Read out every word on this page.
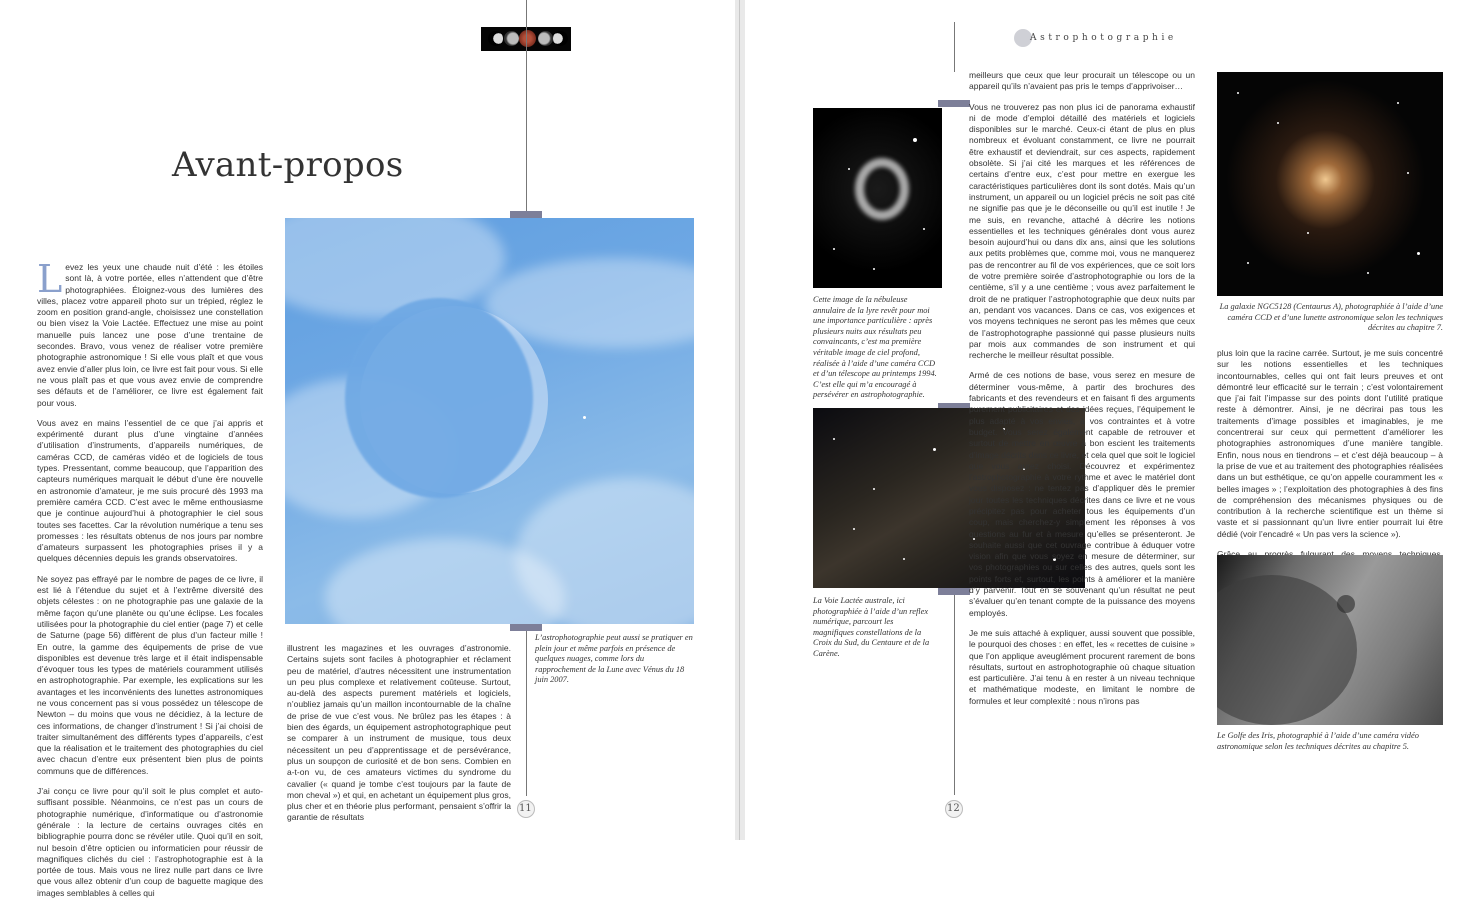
Avant-propos

Levez les yeux une chaude nuit d’été : les étoiles sont là, à votre portée, elles n’attendent que d’être photographiées. Éloignez-vous des lumières des villes, placez votre appareil photo sur un trépied, réglez le zoom en position grand-angle, choisissez une constellation ou bien visez la Voie Lactée. Effectuez une mise au point manuelle puis lancez une pose d’une trentaine de secondes. Bravo, vous venez de réaliser votre première photographie astronomique ! Si elle vous plaît et que vous avez envie d’aller plus loin, ce livre est fait pour vous. Si elle ne vous plaît pas et que vous avez envie de comprendre ses défauts et de l’améliorer, ce livre est également fait pour vous.

Vous avez en mains l’essentiel de ce que j’ai appris et expérimenté durant plus d’une vingtaine d’années d’utilisation d’instruments, d’appareils numériques, de caméras CCD, de caméras vidéo et de logiciels de tous types. Pressentant, comme beaucoup, que l’apparition des capteurs numériques marquait le début d’une ère nouvelle en astronomie d’amateur, je me suis procuré dès 1993 ma première caméra CCD. C’est avec le même enthousiasme que je continue aujourd’hui à photographier le ciel sous toutes ses facettes. Car la révolution numérique a tenu ses promesses : les résultats obtenus de nos jours par nombre d’amateurs surpassent les photographies prises il y a quelques décennies depuis les grands observatoires.

Ne soyez pas effrayé par le nombre de pages de ce livre, il est lié à l’étendue du sujet et à l’extrême diversité des objets célestes : on ne photographie pas une galaxie de la même façon qu’une planète ou qu’une éclipse. Les focales utilisées pour la photographie du ciel entier (page 7) et celle de Saturne (page 56) diffèrent de plus d’un facteur mille ! En outre, la gamme des équipements de prise de vue disponibles est devenue très large et il était indispensable d’évoquer tous les types de matériels couramment utilisés en astrophotographie. Par exemple, les explications sur les avantages et les inconvénients des lunettes astronomiques ne vous concernent pas si vous possédez un télescope de Newton – du moins que vous ne décidiez, à la lecture de ces informations, de changer d’instrument ! Si j’ai choisi de traiter simultanément des différents types d’appareils, c’est que la réalisation et le traitement des photographies du ciel avec chacun d’entre eux présentent bien plus de points communs que de différences.

J’ai conçu ce livre pour qu’il soit le plus complet et auto-suffisant possible. Néanmoins, ce n’est pas un cours de photographie numérique, d’informatique ou d’astronomie générale : la lecture de certains ouvrages cités en bibliographie pourra donc se révéler utile. Quoi qu’il en soit, nul besoin d’être opticien ou informaticien pour réussir de magnifiques clichés du ciel : l’astrophotographie est à la portée de tous. Mais vous ne lirez nulle part dans ce livre que vous allez obtenir d’un coup de baguette magique des images semblables à celles qui

L’astrophotographie peut aussi se pratiquer en plein jour et même parfois en présence de quelques nuages, comme lors du rapprochement de la Lune avec Vénus du 18 juin 2007.

illustrent les magazines et les ouvrages d’astronomie. Certains sujets sont faciles à photographier et réclament peu de matériel, d’autres nécessitent une instrumentation un peu plus complexe et relativement coûteuse. Surtout, au-delà des aspects purement matériels et logiciels, n’oubliez jamais qu’un maillon incontournable de la chaîne de prise de vue c’est vous. Ne brûlez pas les étapes : à bien des égards, un équipement astrophotographique peut se comparer à un instrument de musique, tous deux nécessitent un peu d’apprentissage et de persévérance, plus un soupçon de curiosité et de bon sens. Combien en a-t-on vu, de ces amateurs victimes du syndrome du cavalier (« quand je tombe c’est toujours par la faute de mon cheval ») et qui, en achetant un équipement plus gros, plus cher et en théorie plus performant, pensaient s’offrir la garantie de résultats

11
Astrophotographie
Cette image de la nébuleuse annulaire de la lyre revêt pour moi une importance particulière : après plusieurs nuits aux résultats peu convaincants, c’est ma première véritable image de ciel profond, réalisée à l’aide d’une caméra CCD et d’un télescope au printemps 1994. C’est elle qui m’a encouragé à persévérer en astrophotographie.
La Voie Lactée australe, ici photographiée à l’aide d’un reflex numérique, parcourt les magnifiques constellations de la Croix du Sud, du Centaure et de la Carène.

meilleurs que ceux que leur procurait un télescope ou un appareil qu’ils n’avaient pas pris le temps d’apprivoiser…

Vous ne trouverez pas non plus ici de panorama exhaustif ni de mode d’emploi détaillé des matériels et logiciels disponibles sur le marché. Ceux-ci étant de plus en plus nombreux et évoluant constamment, ce livre ne pourrait être exhaustif et deviendrait, sur ces aspects, rapidement obsolète. Si j’ai cité les marques et les références de certains d’entre eux, c’est pour mettre en exergue les caractéristiques particulières dont ils sont dotés. Mais qu’un instrument, un appareil ou un logiciel précis ne soit pas cité ne signifie pas que je le déconseille ou qu’il est inutile ! Je me suis, en revanche, attaché à décrire les notions essentielles et les techniques générales dont vous aurez besoin aujourd’hui ou dans dix ans, ainsi que les solutions aux petits problèmes que, comme moi, vous ne manquerez pas de rencontrer au fil de vos expériences, que ce soit lors de votre première soirée d’astrophotographie ou lors de la centième, s’il y a une centième ; vous avez parfaitement le droit de ne pratiquer l’astrophotographie que deux nuits par an, pendant vos vacances. Dans ce cas, vos exigences et vos moyens techniques ne seront pas les mêmes que ceux de l’astrophotographe passionné qui passe plusieurs nuits par mois aux commandes de son instrument et qui recherche le meilleur résultat possible.

Armé de ces notions de base, vous serez en mesure de déterminer vous-même, à partir des brochures des fabricants et des revendeurs et en faisant fi des arguments purement publicitaires et des idées reçues, l’équipement le plus adapté à vos envies, à vos contraintes et à votre budget. Vous serez également capable de retrouver et surtout de mettre en œuvre à bon escient les traitements d’image décrits dans ce livre, et cela quel que soit le logiciel que vous aurez choisi. Découvrez et expérimentez l’astrophotographie à votre rythme et avec le matériel dont vous disposez : ne tentez pas d’appliquer dès le premier jour toutes les techniques décrites dans ce livre et ne vous précipitez pas pour acheter tous les équipements d’un coup, mais cherchez-y simplement les réponses à vos questions au fur et à mesure qu’elles se présenteront. Je souhaite aussi que cet ouvrage contribue à éduquer votre vision afin que vous soyez en mesure de déterminer, sur vos photographies ou sur celles des autres, quels sont les points forts et, surtout, les points à améliorer et la manière d’y parvenir. Tout en se souvenant qu’un résultat ne peut s’évaluer qu’en tenant compte de la puissance des moyens employés.

Je me suis attaché à expliquer, aussi souvent que possible, le pourquoi des choses : en effet, les « recettes de cuisine » que l’on applique aveuglément procurent rarement de bons résultats, surtout en astrophotographie où chaque situation est particulière. J’ai tenu à en rester à un niveau technique et mathématique modeste, en limitant le nombre de formules et leur complexité : nous n’irons pas

La galaxie NGC5128 (Centaurus A), photographiée à l’aide d’une caméra CCD et d’une lunette astronomique selon les techniques décrites au chapitre 7.

plus loin que la racine carrée. Surtout, je me suis concentré sur les notions essentielles et les techniques incontournables, celles qui ont fait leurs preuves et ont démontré leur efficacité sur le terrain ; c’est volontairement que j’ai fait l’impasse sur des points dont l’utilité pratique reste à démontrer. Ainsi, je ne décrirai pas tous les traitements d’image possibles et imaginables, je me concentrerai sur ceux qui permettent d’améliorer les photographies astronomiques d’une manière tangible. Enfin, nous nous en tiendrons – et c’est déjà beaucoup – à la prise de vue et au traitement des photographies réalisées dans un but esthétique, ce qu’on appelle couramment les « belles images » ; l’exploitation des photographies à des fins de compréhension des mécanismes physiques ou de contribution à la recherche scientifique est un thème si vaste et si passionnant qu’un livre entier pourrait lui être dédié (voir l’encadré « Un pas vers la science »).

Le Golfe des Iris, photographié à l’aide d’une caméra vidéo astronomique selon les techniques décrites au chapitre 5.
12
